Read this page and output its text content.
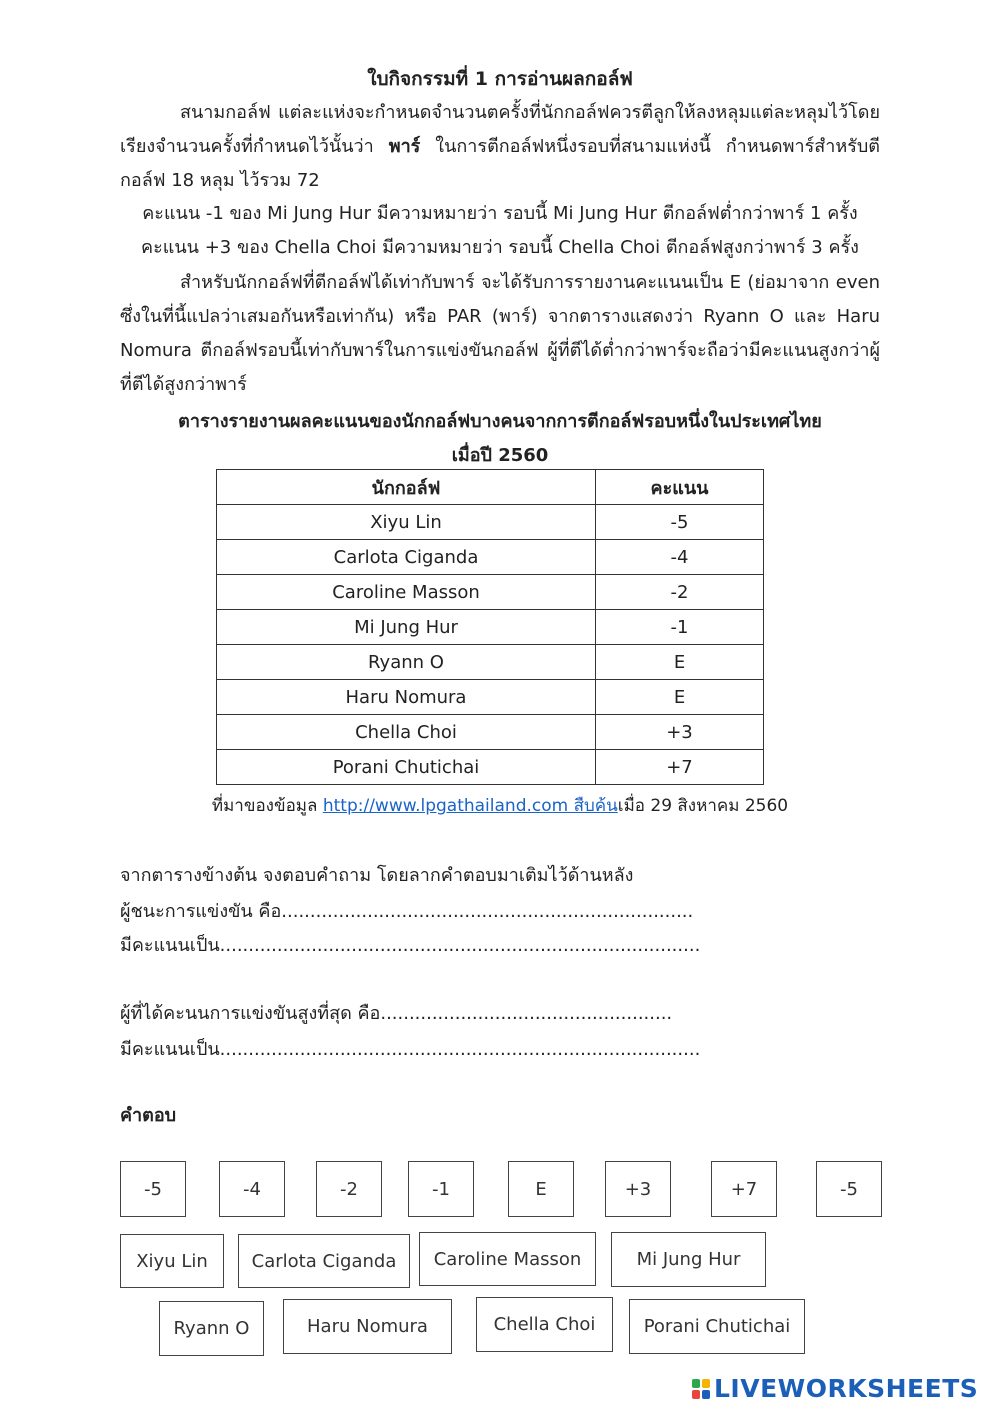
ใบกิจกรรมที่ 1 การอ่านผลกอล์ฟ
สนามกอล์ฟ แต่ละแห่งจะกำหนดจำนวนตครั้งที่นักกอล์ฟควรตีลูกให้ลงหลุมแต่ละหลุมไว้โดยเรียงจำนวนครั้งที่กำหนดไว้นั้นว่า พาร์ ในการตีกอล์ฟหนึ่งรอบที่สนามแห่งนี้ กำหนดพาร์สำหรับตีกอล์ฟ 18 หลุม ไว้รวม 72
คะแนน -1 ของ Mi Jung Hur มีความหมายว่า รอบนี้ Mi Jung Hur ตีกอล์ฟต่ำกว่าพาร์ 1 ครั้ง
คะแนน +3 ของ Chella Choi มีความหมายว่า รอบนี้ Chella Choi ตีกอล์ฟสูงกว่าพาร์ 3 ครั้ง
สำหรับนักกอล์ฟที่ตีกอล์ฟได้เท่ากับพาร์ จะได้รับการรายงานคะแนนเป็น E (ย่อมาจาก even ซึ่งในที่นี้แปลว่าเสมอกันหรือเท่ากัน) หรือ PAR (พาร์) จากตารางแสดงว่า Ryann O และ Haru Nomura ตีกอล์ฟรอบนี้เท่ากับพาร์ในการแข่งขันกอล์ฟ ผู้ที่ตีได้ต่ำกว่าพาร์จะถือว่ามีคะแนนสูงกว่าผู้ที่ตีได้สูงกว่าพาร์
ตารางรายงานผลคะแนนของนักกอล์ฟบางคนจากการตีกอล์ฟรอบหนึ่งในประเทศไทย
เมื่อปี 2560
นักกอล์ฟ	คะแนน
Xiyu Lin	-5
Carlota Ciganda	-4
Caroline Masson	-2
Mi Jung Hur	-1
Ryann O	E
Haru Nomura	E
Chella Choi	+3
Porani Chutichai	+7
ที่มาของข้อมูล http://www.lpgathailand.com สืบค้นเมื่อ 29 สิงหาคม 2560
จากตารางข้างต้น จงตอบคำถาม โดยลากคำตอบมาเติมไว้ด้านหลัง
ผู้ชนะการแข่งขัน คือ........................................................................
มีคะแนนเป็น....................................................................................
ผู้ที่ได้คะนนการแข่งขันสูงที่สุด คือ...................................................
มีคะแนนเป็น....................................................................................
คำตอบ
-5	-4	-2	-1	E	+3	+7	-5
Xiyu Lin	Carlota Ciganda	Caroline Masson	Mi Jung Hur
Ryann O	Haru Nomura	Chella Choi	Porani Chutichai
LIVEWORKSHEETS
